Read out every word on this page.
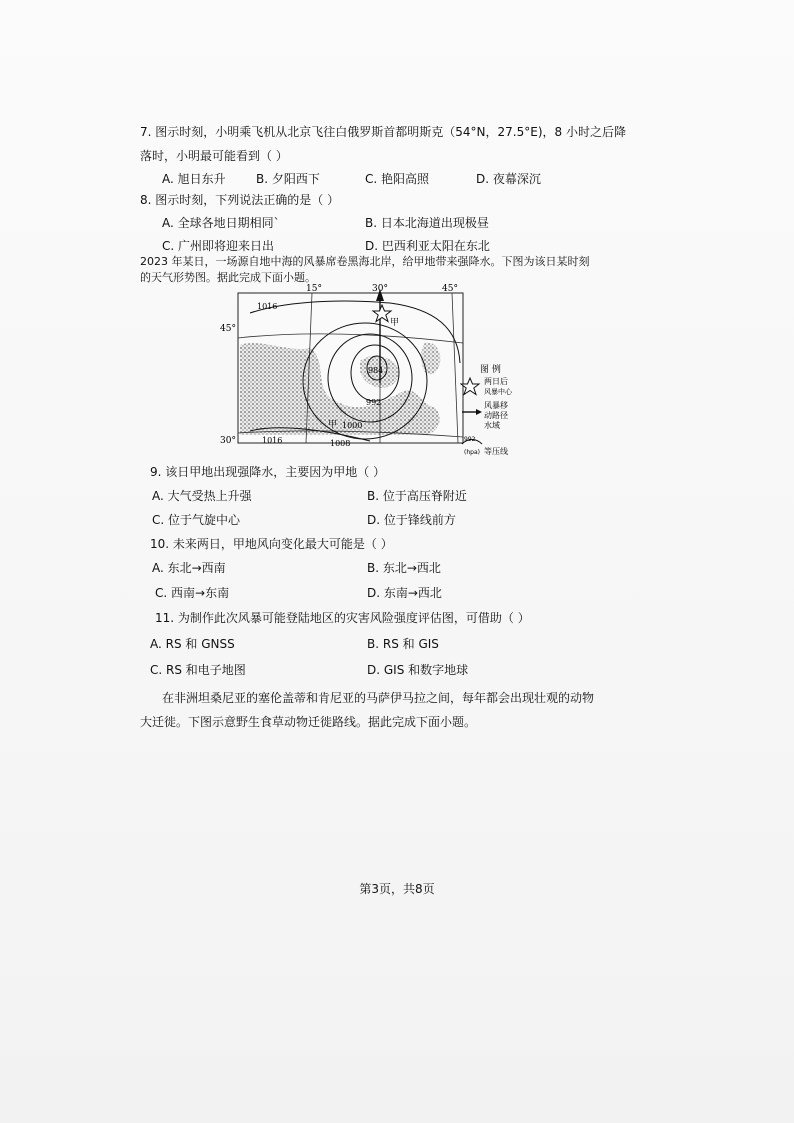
7. 图示时刻，小明乘飞机从北京飞往白俄罗斯首都明斯克（54°N，27.5°E)，8 小时之后降
落时，小明最可能看到（ ）
A. 旭日东升	B. 夕阳西下	C. 艳阳高照	D. 夜幕深沉
8. 图示时刻，下列说法正确的是（ ）
A. 全球各地日期相同`	B. 日本北海道出现极昼
C. 广州即将迎来日出	D. 巴西利亚太阳在东北
2023 年某日，一场源自地中海的风暴席卷黑海北岸，给甲地带来强降水。下图为该日某时刻的天气形势图。据此完成下面小题。
15°	30°	45°
45°
30°
1016
984
992
1000
1008
1016
甲
甲
图 例
两日后
风暴中心
风暴移
动路径
水域
992
(hpa) 等压线
9. 该日甲地出现强降水，主要因为甲地（ ）
A. 大气受热上升强	B. 位于高压脊附近
C. 位于气旋中心	D. 位于锋线前方
10. 未来两日，甲地风向变化最大可能是（ ）
A. 东北→西南	B. 东北→西北
C. 西南→东南	D. 东南→西北
11. 为制作此次风暴可能登陆地区的灾害风险强度评估图，可借助（ ）
A. RS 和 GNSS	B. RS 和 GIS
C. RS 和电子地图	D. GIS 和数字地球
在非洲坦桑尼亚的塞伦盖蒂和肯尼亚的马萨伊马拉之间，每年都会出现壮观的动物大迁徙。下图示意野生食草动物迁徙路线。据此完成下面小题。
第3页，共8页
